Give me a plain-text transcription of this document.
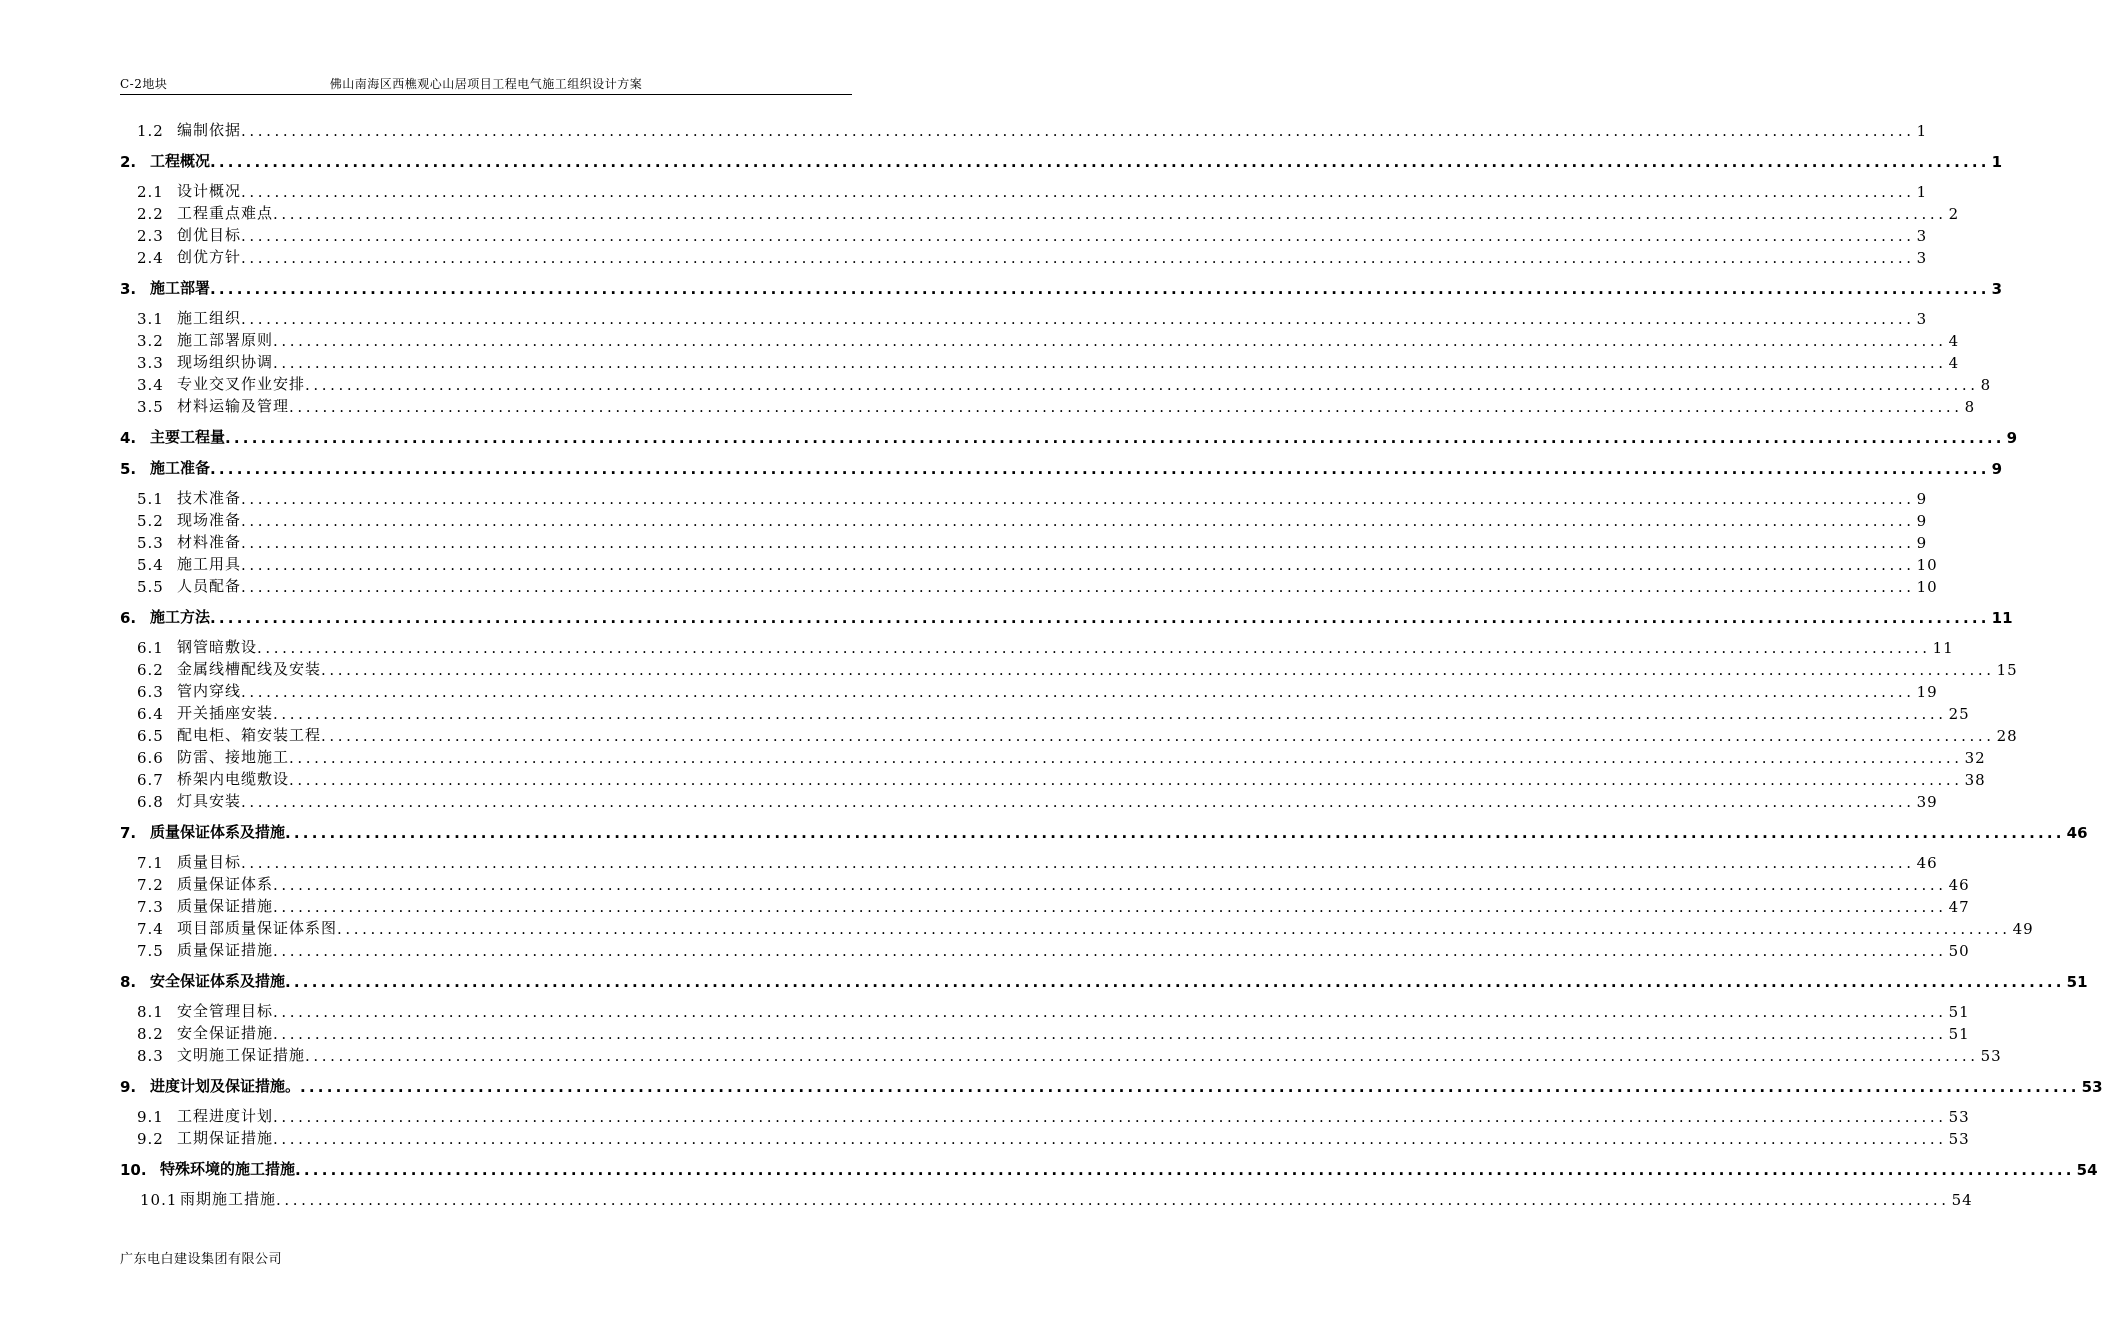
C-2地块	佛山南海区西樵观心山居项目工程电气施工组织设计方案
1.2 编制依据 ........................................................................................................................................................................................................ 1
2. 工程概况 ........................................................................................................................................................................................................ 1
2.1 设计概况 ........................................................................................................................................................................................................ 1
2.2 工程重点难点 ........................................................................................................................................................................................................ 2
2.3 创优目标 ........................................................................................................................................................................................................ 3
2.4 创优方针 ........................................................................................................................................................................................................ 3
3. 施工部署 ........................................................................................................................................................................................................ 3
3.1 施工组织 ........................................................................................................................................................................................................ 3
3.2 施工部署原则 ........................................................................................................................................................................................................ 4
3.3 现场组织协调 ........................................................................................................................................................................................................ 4
3.4 专业交叉作业安排 ........................................................................................................................................................................................................ 8
3.5 材料运输及管理 ........................................................................................................................................................................................................ 8
4. 主要工程量 ........................................................................................................................................................................................................ 9
5. 施工准备 ........................................................................................................................................................................................................ 9
5.1 技术准备 ........................................................................................................................................................................................................ 9
5.2 现场准备 ........................................................................................................................................................................................................ 9
5.3 材料准备 ........................................................................................................................................................................................................ 9
5.4 施工用具 ........................................................................................................................................................................................................ 10
5.5 人员配备 ........................................................................................................................................................................................................ 10
6. 施工方法 ........................................................................................................................................................................................................ 11
6.1 钢管暗敷设 ........................................................................................................................................................................................................ 11
6.2 金属线槽配线及安装 ........................................................................................................................................................................................................ 15
6.3 管内穿线 ........................................................................................................................................................................................................ 19
6.4 开关插座安装 ........................................................................................................................................................................................................ 25
6.5 配电柜、箱安装工程 ........................................................................................................................................................................................................ 28
6.6 防雷、接地施工 ........................................................................................................................................................................................................ 32
6.7 桥架内电缆敷设 ........................................................................................................................................................................................................ 38
6.8 灯具安装 ........................................................................................................................................................................................................ 39
7. 质量保证体系及措施 ........................................................................................................................................................................................................ 46
7.1 质量目标 ........................................................................................................................................................................................................ 46
7.2 质量保证体系 ........................................................................................................................................................................................................ 46
7.3 质量保证措施 ........................................................................................................................................................................................................ 47
7.4 项目部质量保证体系图 ........................................................................................................................................................................................................ 49
7.5 质量保证措施 ........................................................................................................................................................................................................ 50
8. 安全保证体系及措施 ........................................................................................................................................................................................................ 51
8.1 安全管理目标 ........................................................................................................................................................................................................ 51
8.2 安全保证措施 ........................................................................................................................................................................................................ 51
8.3 文明施工保证措施 ........................................................................................................................................................................................................ 53
9. 进度计划及保证措施。 ........................................................................................................................................................................................................ 53
9.1 工程进度计划 ........................................................................................................................................................................................................ 53
9.2 工期保证措施 ........................................................................................................................................................................................................ 53
10. 特殊环境的施工措施 ........................................................................................................................................................................................................ 54
10.1 雨期施工措施 ........................................................................................................................................................................................................ 54
广东电白建设集团有限公司
